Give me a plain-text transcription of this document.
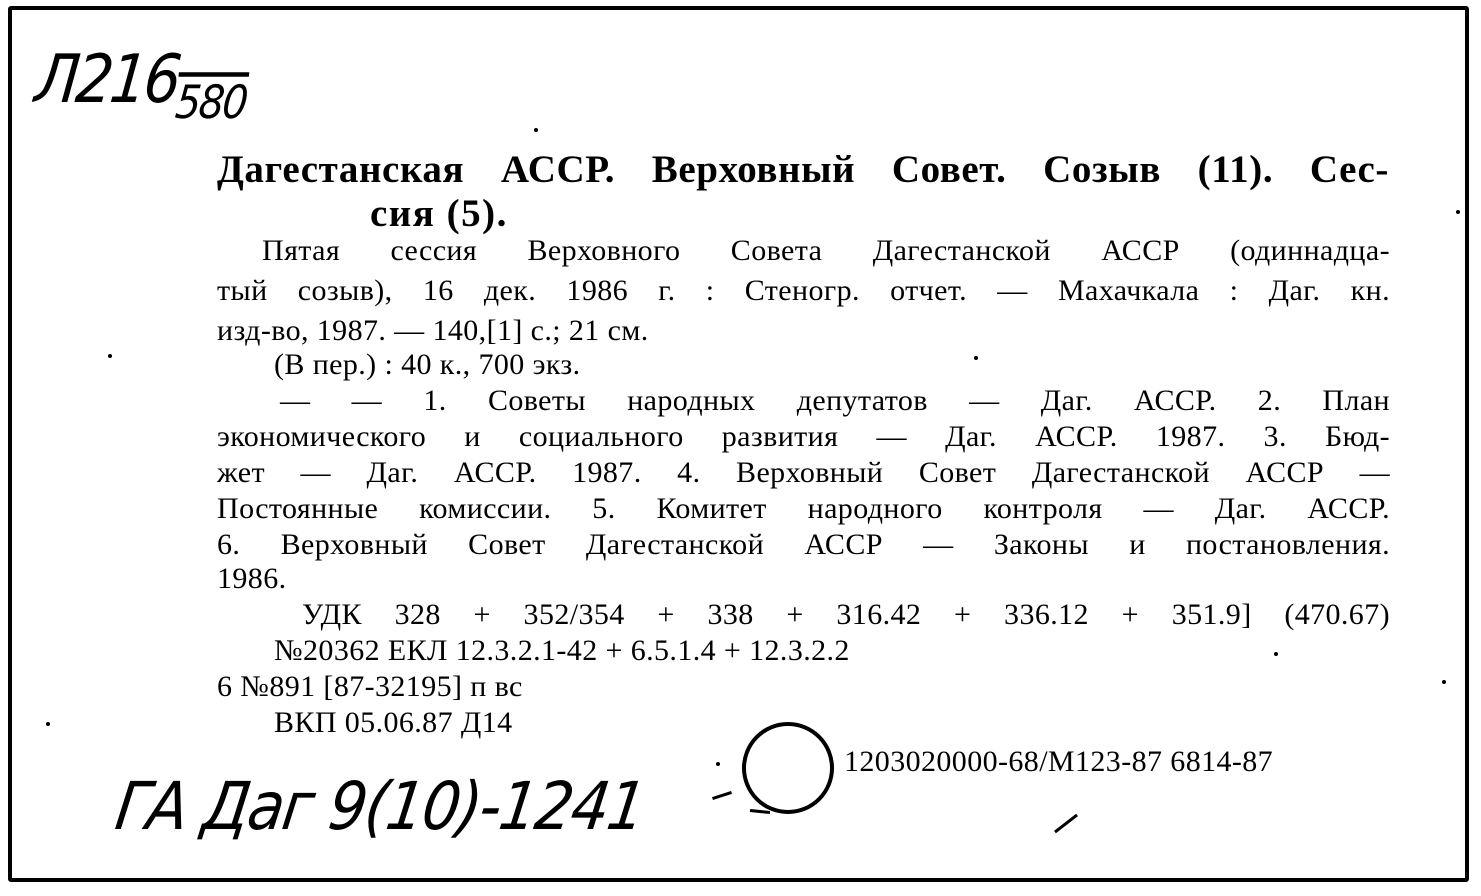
$Л216_{580}$
Дагестанская АССР. Верховный Совет. Созыв (11). Сес-
сия (5).
Пятая сессия Верховного Совета Дагестанской АССР (одиннадца-
тый созыв), 16 дек. 1986 г. : Стеногр. отчет. — Махачкала : Даг. кн.
изд-во, 1987. — 140,[1] с.; 21 см.
(В пер.) : 40 к., 700 экз.
— — 1. Советы народных депутатов — Даг. АССР. 2. План
экономического и социального развития — Даг. АССР. 1987. 3. Бюд-
жет — Даг. АССР. 1987. 4. Верховный Совет Дагестанской АССР —
Постоянные комиссии. 5. Комитет народного контроля — Даг. АССР.
6. Верховный Совет Дагестанской АССР — Законы и постановления.
1986.
УДК 328 + 352/354 + 338 + 316.42 + 336.12 + 351.9] (470.67)
№20362 ЕКЛ 12.3.2.1-42 + 6.5.1.4 + 12.3.2.2
6 №891 [87-32195] п вс
ВКП 05.06.87 Д14
1203020000-68/М123-87 6814-87
ГА Даг 9(10)-1241
